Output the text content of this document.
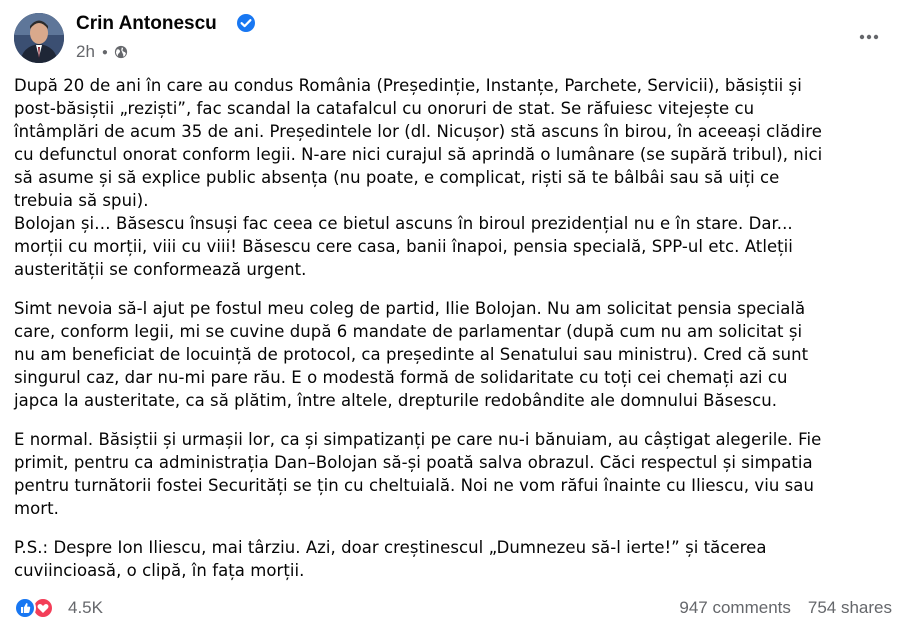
Crin Antonescu
2h ●

După 20 de ani în care au condus România (Președinție, Instanțe, Parchete, Servicii), băsiștii și
post-băsiștii „reziști”, fac scandal la catafalcul cu onoruri de stat. Se răfuiesc vitejește cu
întâmplări de acum 35 de ani. Președintele lor (dl. Nicușor) stă ascuns în birou, în aceeași clădire
cu defunctul onorat conform legii. N-are nici curajul să aprindă o lumânare (se supără tribul), nici
să asume și să explice public absența (nu poate, e complicat, riști să te bâlbâi sau să uiți ce
trebuia să spui).
Bolojan și… Băsescu însuși fac ceea ce bietul ascuns în biroul prezidențial nu e în stare. Dar...
morții cu morții, viii cu viii! Băsescu cere casa, banii înapoi, pensia specială, SPP-ul etc. Atleții
austerității se conformează urgent.

Simt nevoia să-l ajut pe fostul meu coleg de partid, Ilie Bolojan. Nu am solicitat pensia specială
care, conform legii, mi se cuvine după 6 mandate de parlamentar (după cum nu am solicitat și
nu am beneficiat de locuință de protocol, ca președinte al Senatului sau ministru). Cred că sunt
singurul caz, dar nu-mi pare rău. E o modestă formă de solidaritate cu toți cei chemați azi cu
japca la austeritate, ca să plătim, între altele, drepturile redobândite ale domnului Băsescu.

E normal. Băsiștii și urmașii lor, ca și simpatizanți pe care nu-i bănuiam, au câștigat alegerile. Fie
primit, pentru ca administrația Dan–Bolojan să-și poată salva obrazul. Căci respectul și simpatia
pentru turnătorii fostei Securități se țin cu cheltuială. Noi ne vom răfui înainte cu Iliescu, viu sau
mort.

P.S.: Despre Ion Iliescu, mai târziu. Azi, doar creștinescul „Dumnezeu să-l ierte!” și tăcerea
cuviincioasă, o clipă, în fața morții.

4.5K	947 comments 754 shares
